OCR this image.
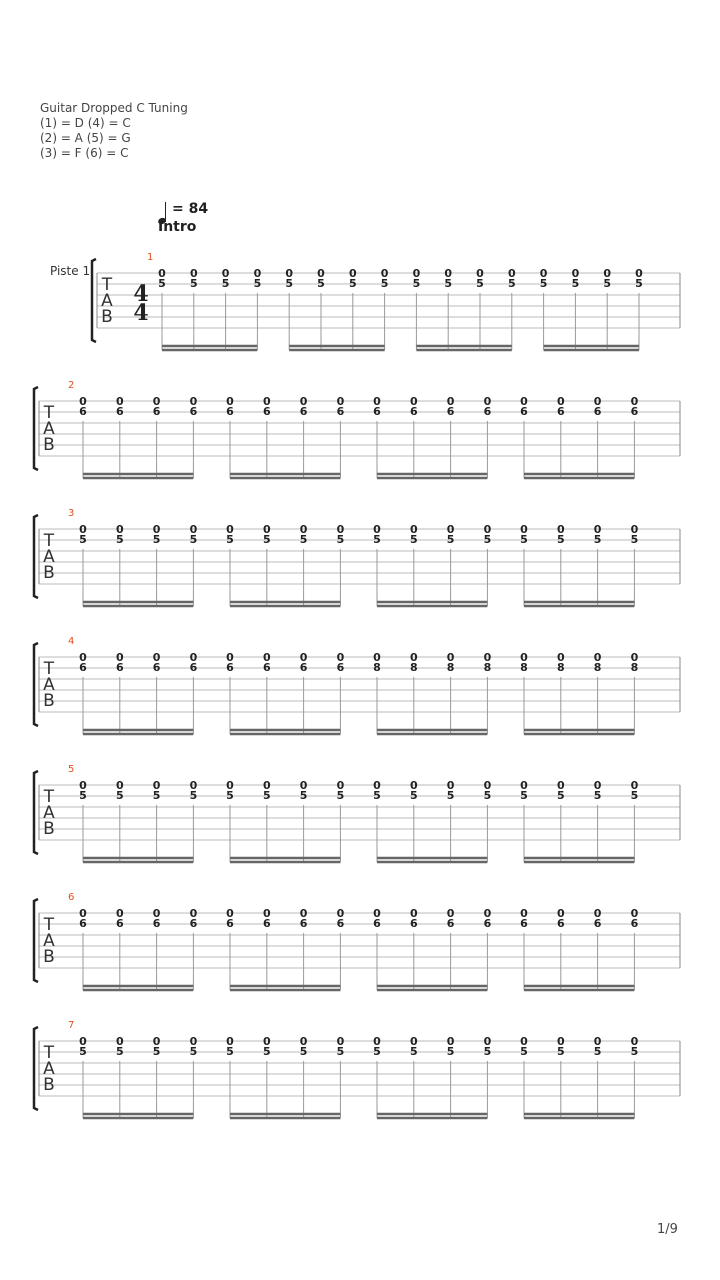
Guitar Dropped C Tuning
(1) = D (4) = C
(2) = A (5) = G
(3) = F (6) = C
= 84
Intro
Piste 1
T
A
B
4
4
1
0
5
0
5
0
5
0
5
0
5
0
5
0
5
0
5
0
5
0
5
0
5
0
5
0
5
0
5
0
5
0
5
T
A
B
2
0
6
0
6
0
6
0
6
0
6
0
6
0
6
0
6
0
6
0
6
0
6
0
6
0
6
0
6
0
6
0
6
T
A
B
3
0
5
0
5
0
5
0
5
0
5
0
5
0
5
0
5
0
5
0
5
0
5
0
5
0
5
0
5
0
5
0
5
T
A
B
4
0
6
0
6
0
6
0
6
0
6
0
6
0
6
0
6
0
8
0
8
0
8
0
8
0
8
0
8
0
8
0
8
T
A
B
5
0
5
0
5
0
5
0
5
0
5
0
5
0
5
0
5
0
5
0
5
0
5
0
5
0
5
0
5
0
5
0
5
T
A
B
6
0
6
0
6
0
6
0
6
0
6
0
6
0
6
0
6
0
6
0
6
0
6
0
6
0
6
0
6
0
6
0
6
T
A
B
7
0
5
0
5
0
5
0
5
0
5
0
5
0
5
0
5
0
5
0
5
0
5
0
5
0
5
0
5
0
5
0
5
1/9
